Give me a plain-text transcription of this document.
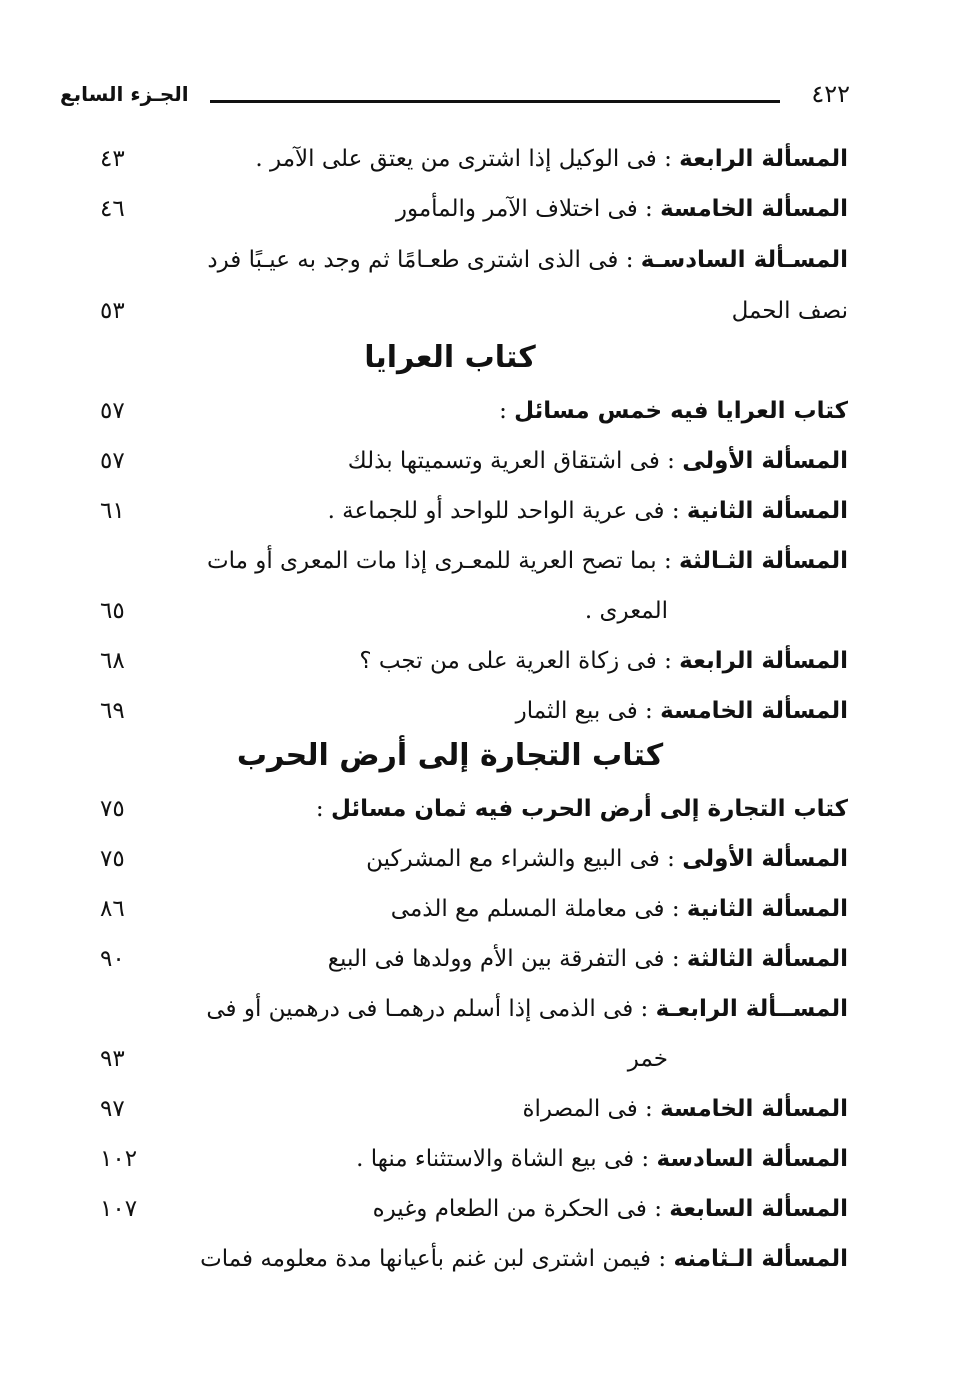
٤٢٢
الجـزء السابع
المسألة الرابعة : فى الوكيل إذا اشترى من يعتق على الآمر .
٤٣
المسألة الخامسة : فى اختلاف الآمر والمأمور
٤٦
المسـألة السادسـة : فى الذى اشترى طعـامًا ثم وجد به عيـبًا فرد
نصف الحمل
٥٣
كتاب العرايا
كتاب العرايا فيه خمس مسائل :
٥٧
المسألة الأولى : فى اشتقاق العرية وتسميتها بذلك
٥٧
المسألة الثانية : فى عرية الواحد للواحد أو للجماعة .
٦١
المسألة الثـالثة : بما تصح العرية للمعـرى إذا مات المعرى أو مات
المعرى .
٦٥
المسألة الرابعة : فى زكاة العرية على من تجب ؟
٦٨
المسألة الخامسة : فى بيع الثمار
٦٩
كتاب التجارة إلى أرض الحرب
كتاب التجارة إلى أرض الحرب فيه ثمان مسائل :
٧٥
المسألة الأولى : فى البيع والشراء مع المشركين
٧٥
المسألة الثانية : فى معاملة المسلم مع الذمى
٨٦
المسألة الثالثة : فى التفرقة بين الأم وولدها فى البيع
٩٠
المســألة الرابعـة : فى الذمى إذا أسلم درهمـا فى درهمين أو فى
خمر
٩٣
المسألة الخامسة : فى المصراة
٩٧
المسألة السادسة : فى بيع الشاة والاستثناء منها .
١٠٢
المسألة السابعة : فى الحكرة من الطعام وغيره
١٠٧
المسألة الـثامنه : فيمن اشترى لبن غنم بأعيانها مدة معلومه فمات
